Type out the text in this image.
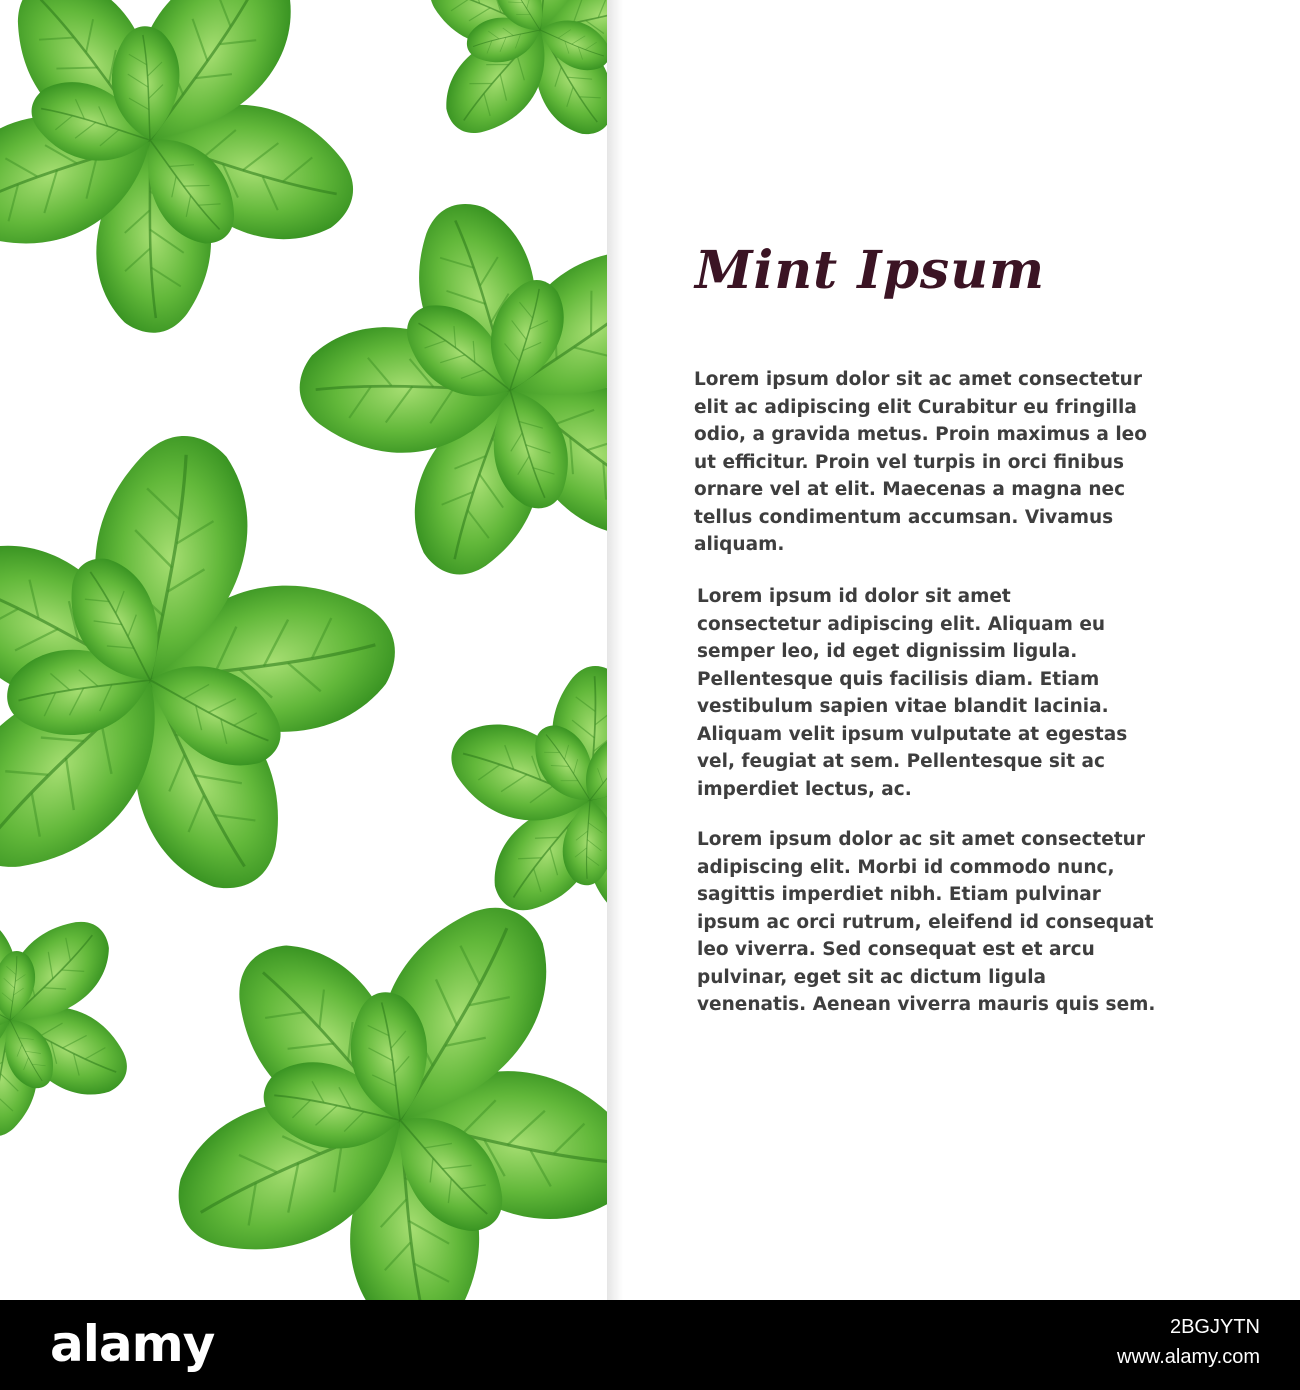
Mint Ipsum

Lorem ipsum dolor sit ac amet consectetur elit ac adipiscing elit Curabitur eu fringilla odio, a gravida metus. Proin maximus a leo ut efficitur. Proin vel turpis in orci finibus ornare vel at elit. Maecenas a magna nec tellus condimentum accumsan. Vivamus aliquam.

Lorem ipsum id dolor sit amet consectetur adipiscing elit. Aliquam eu semper leo, id eget dignissim ligula. Pellentesque quis facilisis diam. Etiam vestibulum sapien vitae blandit lacinia. Aliquam velit ipsum vulputate at egestas vel, feugiat at sem. Pellentesque sit ac imperdiet lectus, ac.

Lorem ipsum dolor ac sit amet consectetur adipiscing elit. Morbi id commodo nunc, sagittis imperdiet nibh. Etiam pulvinar ipsum ac orci rutrum, eleifend id consequat leo viverra. Sed consequat est et arcu pulvinar, eget sit ac dictum ligula venenatis. Aenean viverra mauris quis sem.

alamy	2BGJYTN
www.alamy.com
